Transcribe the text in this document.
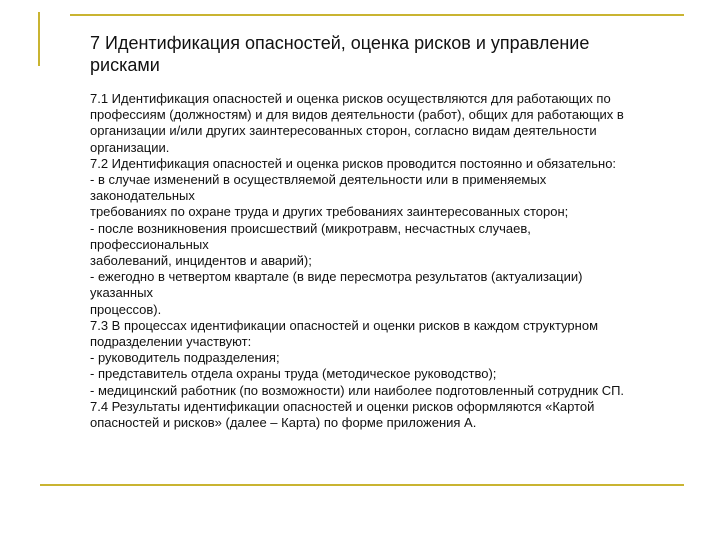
7 Идентификация опасностей, оценка рисков и управление
рисками
7.1 Идентификация опасностей и оценка рисков осуществляются для работающих по
профессиям (должностям) и для видов деятельности (работ), общих для работающих в
организации и/или других заинтересованных сторон, согласно видам деятельности
организации.
7.2 Идентификация опасностей и оценка рисков проводится постоянно и обязательно:
- в случае изменений в осуществляемой деятельности или в применяемых
законодательных
требованиях по охране труда и других требованиях заинтересованных сторон;
- после возникновения происшествий (микротравм, несчастных случаев,
профессиональных
заболеваний, инцидентов и аварий);
- ежегодно в четвертом квартале (в виде пересмотра результатов (актуализации)
указанных
процессов).
7.3 В процессах идентификации опасностей и оценки рисков в каждом структурном
подразделении участвуют:
- руководитель подразделения;
- представитель отдела охраны труда (методическое руководство);
- медицинский работник (по возможности) или наиболее подготовленный сотрудник СП.
7.4 Результаты идентификации опасностей и оценки рисков оформляются «Картой
опасностей и рисков» (далее – Карта) по форме приложения А.
